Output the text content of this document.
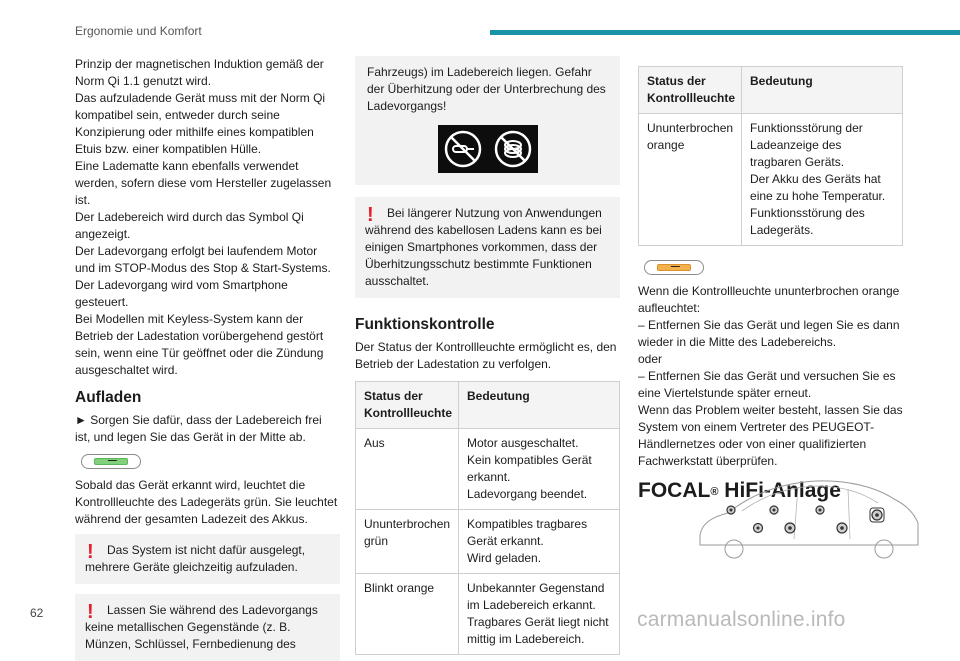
Ergonomie und Komfort

Prinzip der magnetischen Induktion gemäß der Norm Qi 1.1 genutzt wird.

Das aufzuladende Gerät muss mit der Norm Qi kompatibel sein, entweder durch seine Konzipierung oder mithilfe eines kompatiblen Etuis bzw. einer kompatiblen Hülle.

Eine Ladematte kann ebenfalls verwendet werden, sofern diese vom Hersteller zugelassen ist.

Der Ladebereich wird durch das Symbol Qi angezeigt.

Der Ladevorgang erfolgt bei laufendem Motor und im STOP-Modus des Stop & Start-Systems.

Der Ladevorgang wird vom Smartphone gesteuert.

Bei Modellen mit Keyless-System kann der Betrieb der Ladestation vorübergehend gestört sein, wenn eine Tür geöffnet oder die Zündung ausgeschaltet wird.

Aufladen

► Sorgen Sie dafür, dass der Ladebereich frei ist, und legen Sie das Gerät in der Mitte ab.

Sobald das Gerät erkannt wird, leuchtet die Kontrollleuchte des Ladegeräts grün. Sie leuchtet während der gesamten Ladezeit des Akkus.

!	Das System ist nicht dafür ausgelegt, mehrere Geräte gleichzeitig aufzuladen.
!	Lassen Sie während des Ladevorgangs keine metallischen Gegenstände (z. B. Münzen, Schlüssel, Fernbedienung des

Fahrzeugs) im Ladebereich liegen. Gefahr der Überhitzung oder der Unterbrechung des Ladevorgangs!

!	Bei längerer Nutzung von Anwendungen während des kabellosen Ladens kann es bei einigen Smartphones vorkommen, dass der Überhitzungsschutz bestimmte Funktionen ausschaltet.
Funktionskontrolle

Der Status der Kontrollleuchte ermöglicht es, den Betrieb der Ladestation zu verfolgen.

Status der Kontrollleuchte	Bedeutung
Aus	Motor ausgeschaltet.
Kein kompatibles Gerät erkannt.
Ladevorgang beendet.

Ununterbrochen grün	Kompatibles tragbares Gerät erkannt.
Wird geladen.

Blinkt orange	Unbekannter Gegenstand im Ladebereich erkannt.
Tragbares Gerät liegt nicht mittig im Ladebereich.
Status der Kontrollleuchte	Bedeutung
Ununterbrochen orange	Funktionsstörung der Ladeanzeige des tragbaren Geräts.
Der Akku des Geräts hat eine zu hohe Temperatur.
Funktionsstörung des Ladegeräts.

Wenn die Kontrollleuchte ununterbrochen orange aufleuchtet:

– Entfernen Sie das Gerät und legen Sie es dann wieder in die Mitte des Ladebereichs.

oder

– Entfernen Sie das Gerät und versuchen Sie es eine Viertelstunde später erneut.

Wenn das Problem weiter besteht, lassen Sie das System von einem Vertreter des PEUGEOT-Händlernetzes oder von einer qualifizierten Fachwerkstatt überprüfen.

FOCAL® HiFi-Anlage
62	carmanualsonline.info
